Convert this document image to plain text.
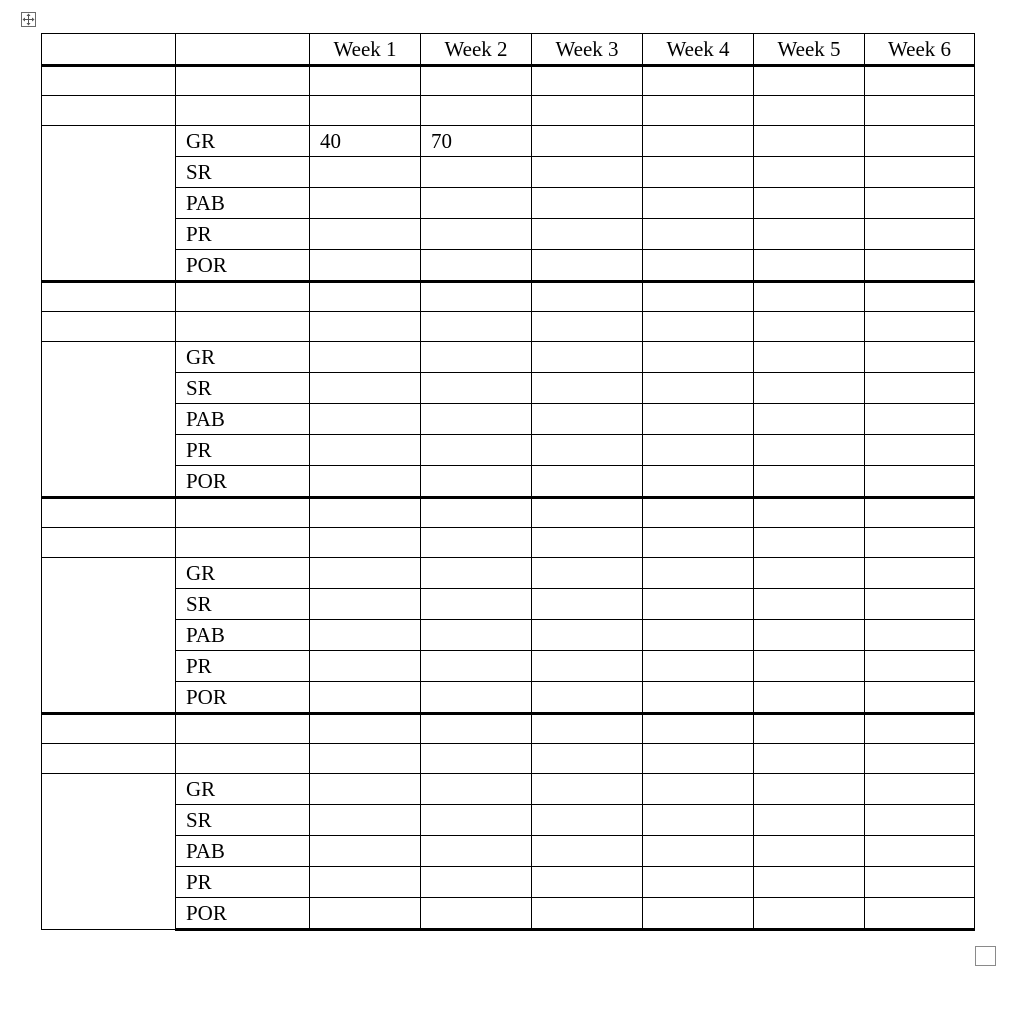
		Week 1	Week 2	Week 3	Week 4	Week 5	Week 6

	GR	40	70				
	SR						
	PAB						
	PR						
	POR						

	GR						
	SR						
	PAB						
	PR						
	POR						

	GR						
	SR						
	PAB						
	PR						
	POR						

	GR						
	SR						
	PAB						
	PR						
	POR						
